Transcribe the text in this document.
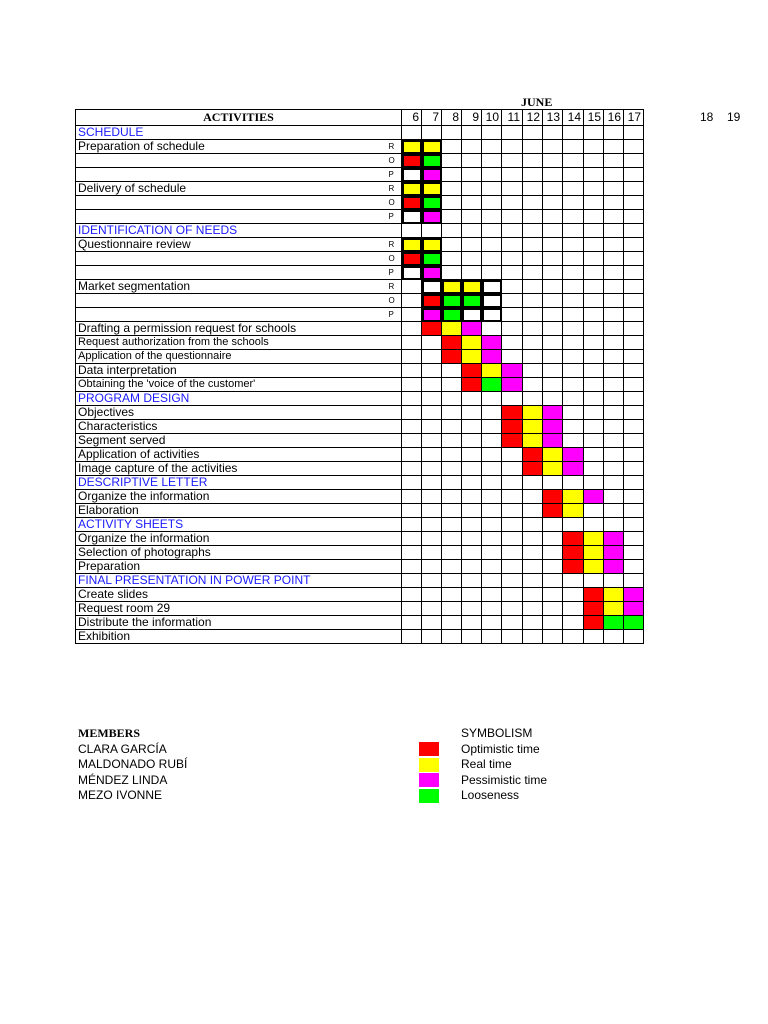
JUNE
ACTIVITIES		6	7	8	9	10	11	12	13	14	15	16	17	
SCHEDULE														
Preparation of schedule	R													
	O													
	P													
Delivery of schedule	R													
	O													
	P													
IDENTIFICATION OF NEEDS														
Questionnaire review	R													
	O													
	P													
Market segmentation	R													
	O													
	P													
Drafting a permission request for schools														
Request authorization from the schools														
Application of the questionnaire														
Data interpretation														
Obtaining the 'voice of the customer'														
PROGRAM DESIGN														
Objectives														
Characteristics														
Segment served														
Application of activities														
Image capture of the activities														
DESCRIPTIVE LETTER														
Organize the information														
Elaboration														
ACTIVITY SHEETS														
Organize the information														
Selection of photographs														
Preparation														
FINAL PRESENTATION IN POWER POINT														
Create slides														
Request room 29														
Distribute the information														
Exhibition														
18 19
MEMBERS
CLARA GARCÍA
MALDONADO RUBÍ
MÉNDEZ LINDA
MEZO IVONNE
SYMBOLISM
Optimistic time
Real time
Pessimistic time
Looseness
